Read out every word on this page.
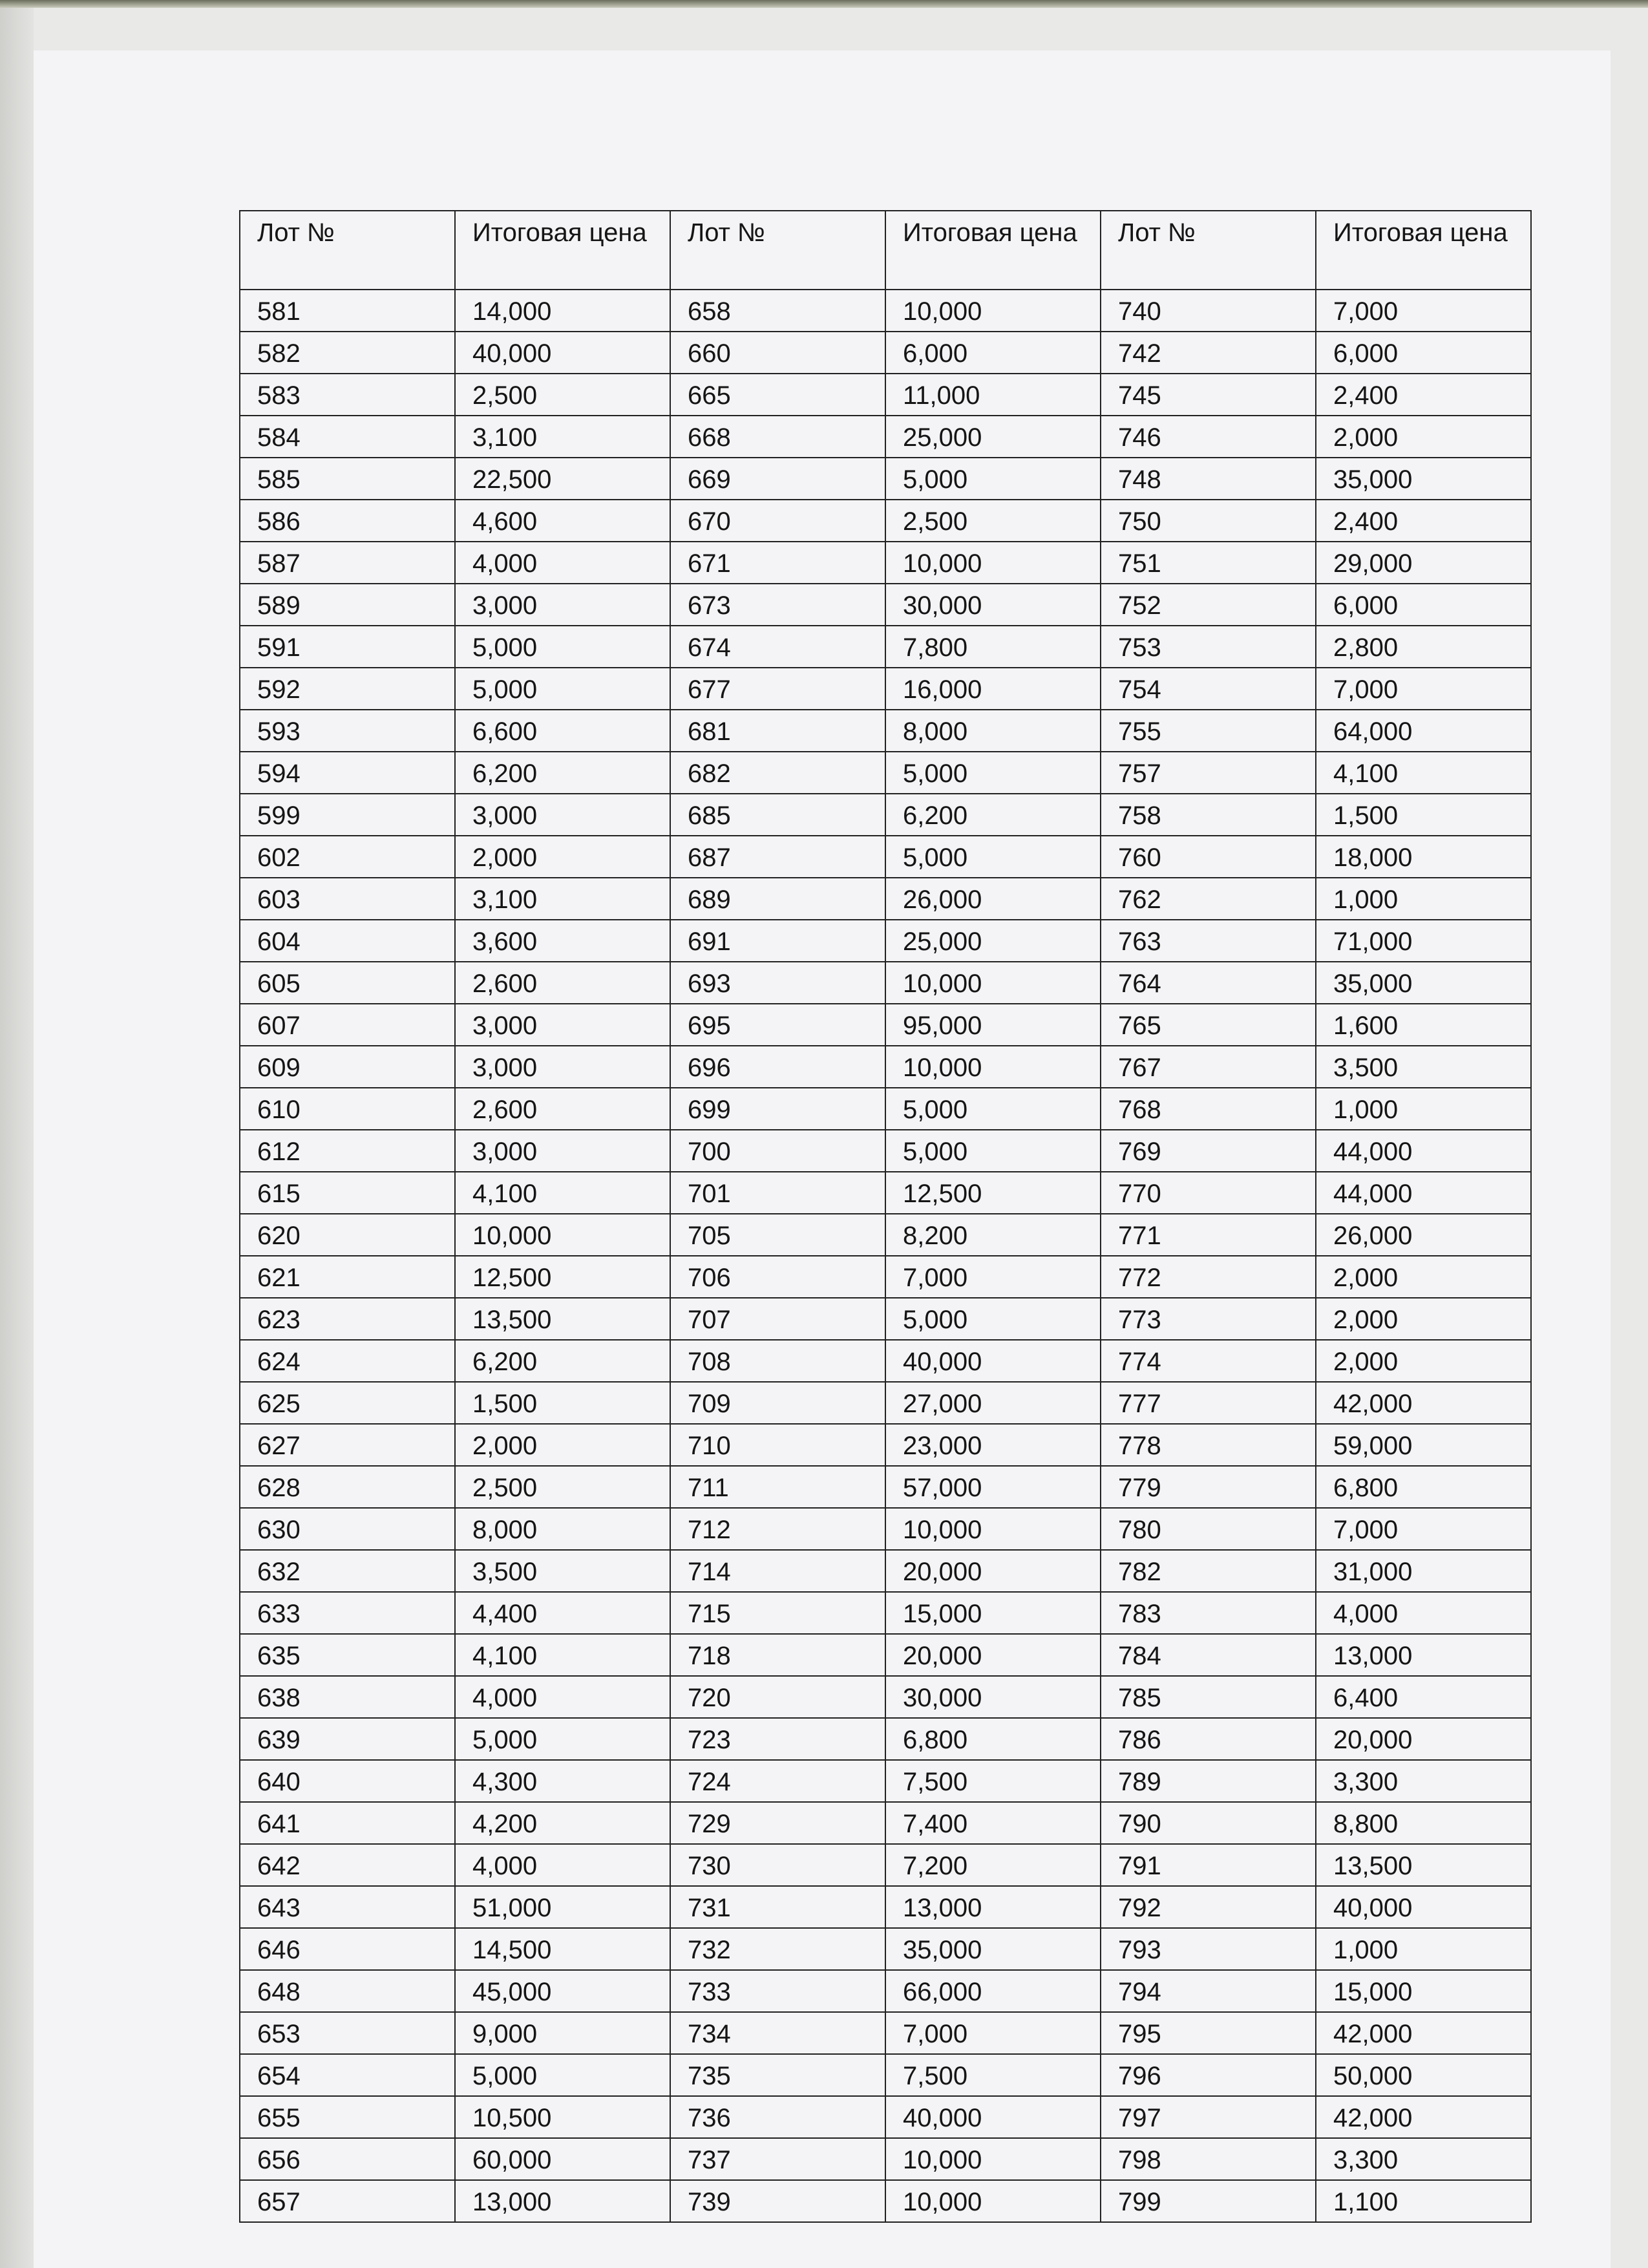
Лот №	Итоговая цена	Лот №	Итоговая цена	Лот №	Итоговая цена
581	14,000	658	10,000	740	7,000
582	40,000	660	6,000	742	6,000
583	2,500	665	11,000	745	2,400
584	3,100	668	25,000	746	2,000
585	22,500	669	5,000	748	35,000
586	4,600	670	2,500	750	2,400
587	4,000	671	10,000	751	29,000
589	3,000	673	30,000	752	6,000
591	5,000	674	7,800	753	2,800
592	5,000	677	16,000	754	7,000
593	6,600	681	8,000	755	64,000
594	6,200	682	5,000	757	4,100
599	3,000	685	6,200	758	1,500
602	2,000	687	5,000	760	18,000
603	3,100	689	26,000	762	1,000
604	3,600	691	25,000	763	71,000
605	2,600	693	10,000	764	35,000
607	3,000	695	95,000	765	1,600
609	3,000	696	10,000	767	3,500
610	2,600	699	5,000	768	1,000
612	3,000	700	5,000	769	44,000
615	4,100	701	12,500	770	44,000
620	10,000	705	8,200	771	26,000
621	12,500	706	7,000	772	2,000
623	13,500	707	5,000	773	2,000
624	6,200	708	40,000	774	2,000
625	1,500	709	27,000	777	42,000
627	2,000	710	23,000	778	59,000
628	2,500	711	57,000	779	6,800
630	8,000	712	10,000	780	7,000
632	3,500	714	20,000	782	31,000
633	4,400	715	15,000	783	4,000
635	4,100	718	20,000	784	13,000
638	4,000	720	30,000	785	6,400
639	5,000	723	6,800	786	20,000
640	4,300	724	7,500	789	3,300
641	4,200	729	7,400	790	8,800
642	4,000	730	7,200	791	13,500
643	51,000	731	13,000	792	40,000
646	14,500	732	35,000	793	1,000
648	45,000	733	66,000	794	15,000
653	9,000	734	7,000	795	42,000
654	5,000	735	7,500	796	50,000
655	10,500	736	40,000	797	42,000
656	60,000	737	10,000	798	3,300
657	13,000	739	10,000	799	1,100
